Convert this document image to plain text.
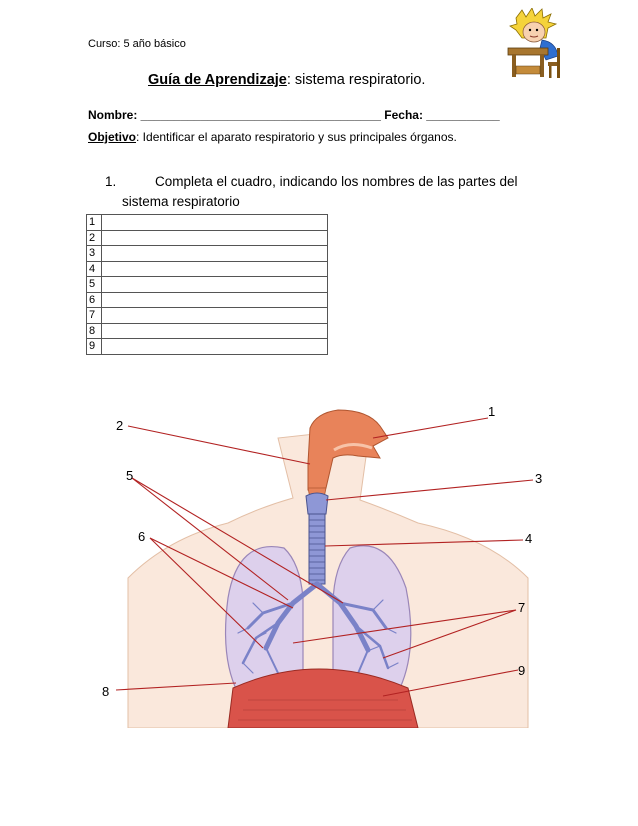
Curso: 5 año básico
Guía de Aprendizaje: sistema respiratorio.
Nombre: ____________________________________ Fecha: ___________
Objetivo: Identificar el aparato respiratorio y sus principales órganos.
1.	Completa el cuadro, indicando los nombres de las partes del
sistema respiratorio
1	
2	
3	
4	
5	
6	
7	
8	
9	
1
2
3
4
5
6
7
8
9
